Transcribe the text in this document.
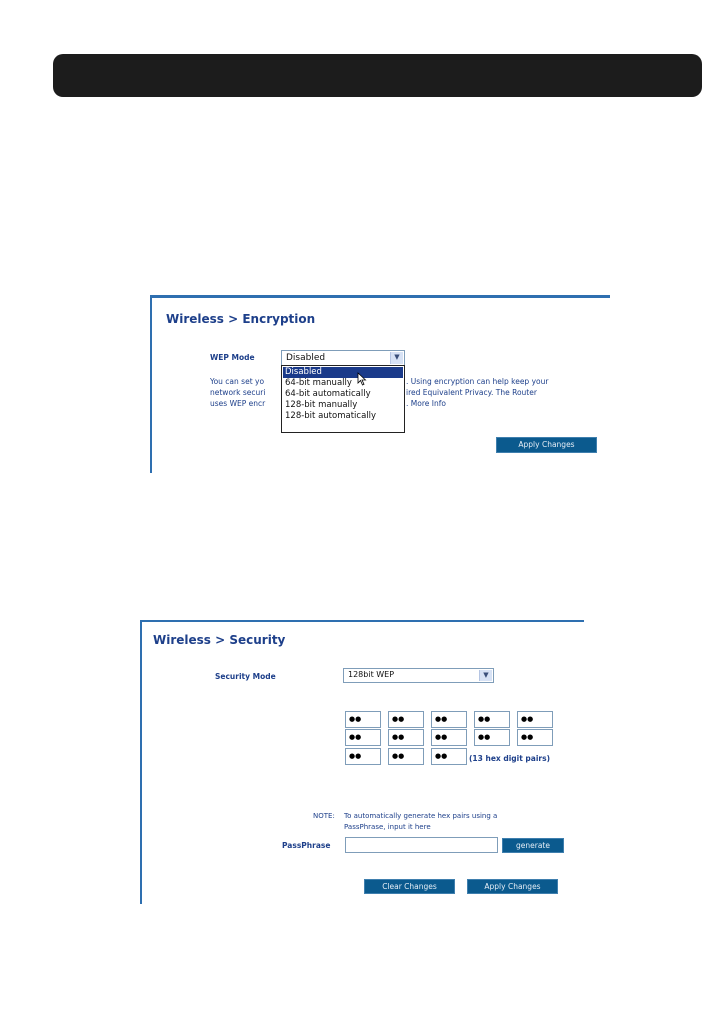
Wireless > Encryption
WEP Mode	Disabled	▼
You can set yo
network securi
uses WEP encr
. Using encryption can help keep your
ired Equivalent Privacy. The Router
. More Info
Disabled
64-bit manually
64-bit automatically
128-bit manually
128-bit automatically
Apply Changes
Wireless > Security
Security Mode	128bit WEP	▼
●●	●●	●●	●●	●●
●●	●●	●●	●●	●●
●●	●●	●●	(13 hex digit pairs)
NOTE: To automatically generate hex pairs using a
PassPhrase, input it here
PassPhrase	generate
Clear Changes	Apply Changes
